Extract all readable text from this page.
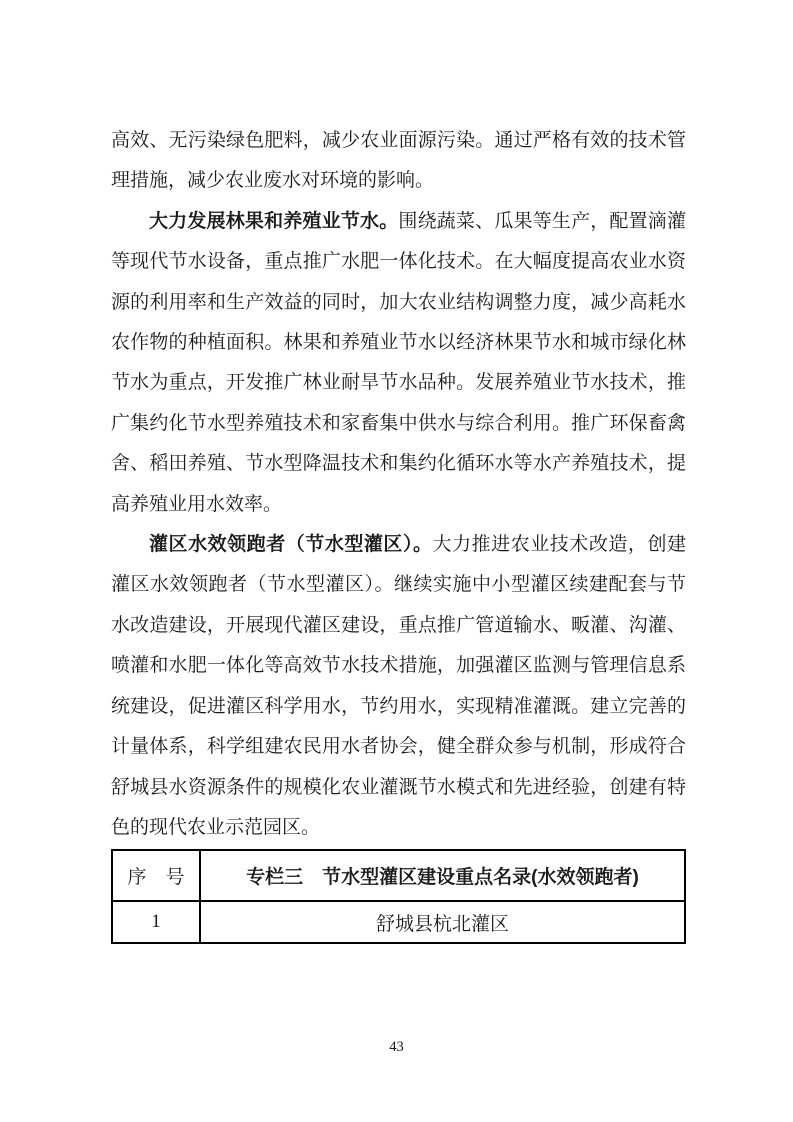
高效、无污染绿色肥料，减少农业面源污染。通过严格有效的技术管
理措施，减少农业废水对环境的影响。
大力发展林果和养殖业节水。围绕蔬菜、瓜果等生产，配置滴灌
等现代节水设备，重点推广水肥一体化技术。在大幅度提高农业水资
源的利用率和生产效益的同时，加大农业结构调整力度，减少高耗水
农作物的种植面积。林果和养殖业节水以经济林果节水和城市绿化林
节水为重点，开发推广林业耐旱节水品种。发展养殖业节水技术，推
广集约化节水型养殖技术和家畜集中供水与综合利用。推广环保畜禽
舍、稻田养殖、节水型降温技术和集约化循环水等水产养殖技术，提
高养殖业用水效率。
灌区水效领跑者（节水型灌区）。大力推进农业技术改造，创建
灌区水效领跑者（节水型灌区）。继续实施中小型灌区续建配套与节
水改造建设，开展现代灌区建设，重点推广管道输水、畈灌、沟灌、
喷灌和水肥一体化等高效节水技术措施，加强灌区监测与管理信息系
统建设，促进灌区科学用水，节约用水，实现精准灌溉。建立完善的
计量体系，科学组建农民用水者协会，健全群众参与机制，形成符合
舒城县水资源条件的规模化农业灌溉节水模式和先进经验，创建有特
色的现代农业示范园区。
序　号	专栏三　节水型灌区建设重点名录(水效领跑者)
1	舒城县杭北灌区
43
